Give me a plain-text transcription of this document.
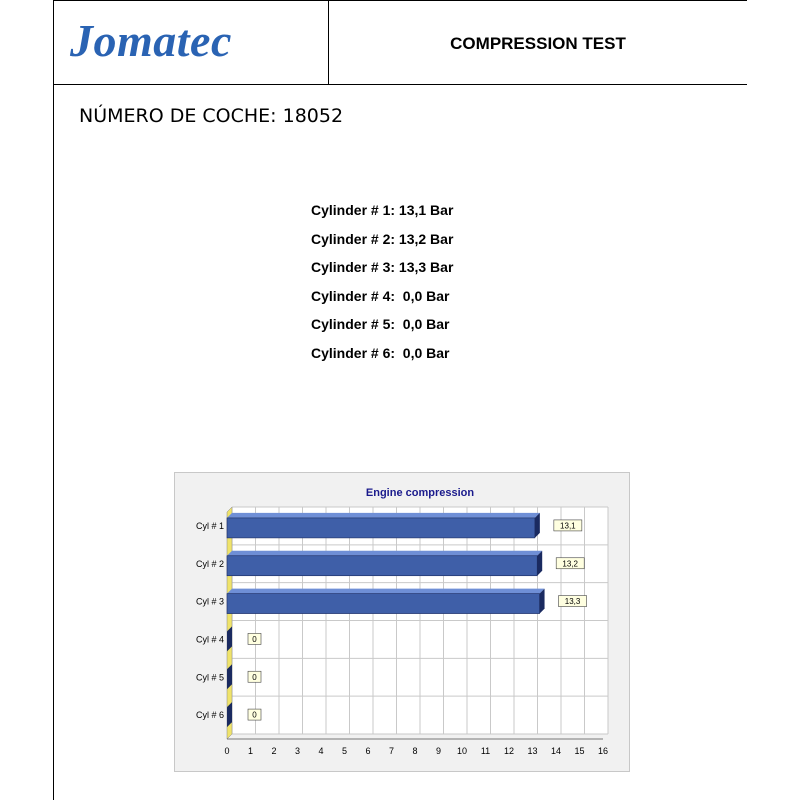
Jomatec	COMPRESSION TEST
NÚMERO DE COCHE: 18052
Cylinder # 1: 13,1 Bar
Cylinder # 2: 13,2 Bar
Cylinder # 3: 13,3 Bar
Cylinder # 4:  0,0 Bar
Cylinder # 5:  0,0 Bar
Cylinder # 6:  0,0 Bar
Engine compression
Cyl # 1
Cyl # 2
Cyl # 3
Cyl # 4
Cyl # 5
Cyl # 6
13,1
13,2
13,3
0
0
0
0 1 2 3 4 5 6 7 8 9 10 11 12 13 14 15 16
